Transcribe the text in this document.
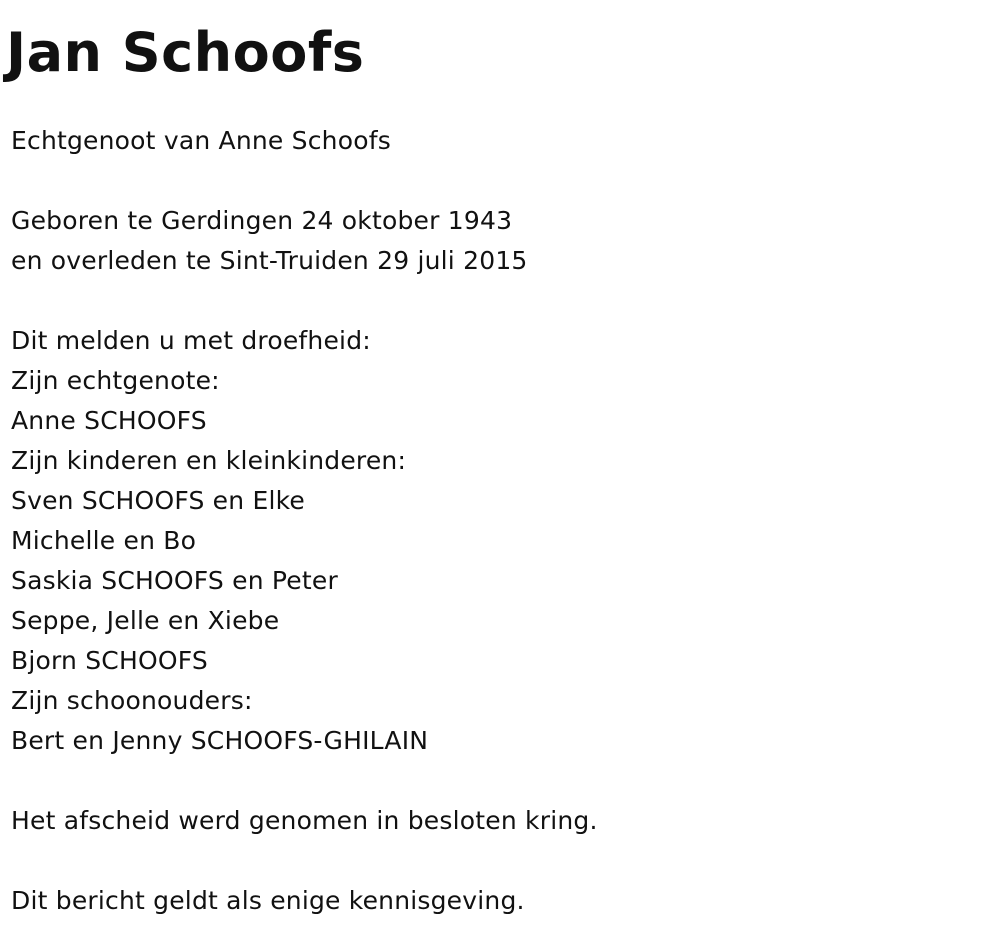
Jan Schoofs
Echtgenoot van Anne Schoofs
Geboren te Gerdingen 24 oktober 1943
en overleden te Sint-Truiden 29 juli 2015
Dit melden u met droefheid:
Zijn echtgenote:
Anne SCHOOFS
Zijn kinderen en kleinkinderen:
Sven SCHOOFS en Elke
Michelle en Bo
Saskia SCHOOFS en Peter
Seppe, Jelle en Xiebe
Bjorn SCHOOFS
Zijn schoonouders:
Bert en Jenny SCHOOFS-GHILAIN
Het afscheid werd genomen in besloten kring.
Dit bericht geldt als enige kennisgeving.
